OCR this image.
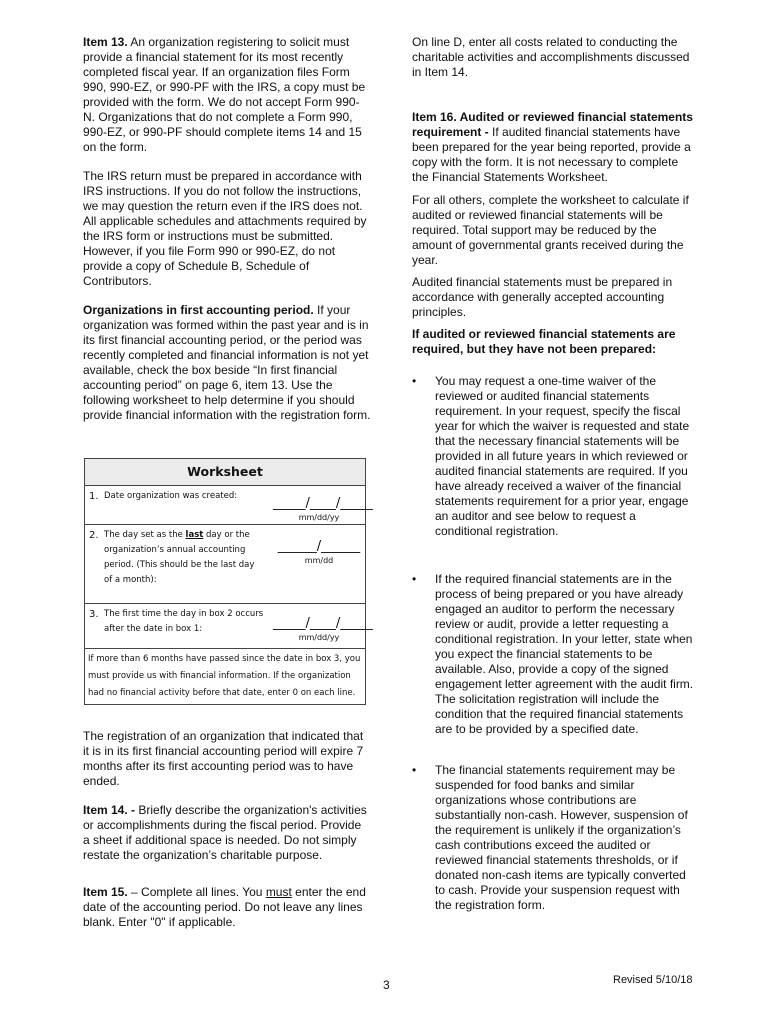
Item 13. An organization registering to solicit must provide a financial statement for its most recently completed fiscal year. If an organization files Form 990, 990-EZ, or 990-PF with the IRS, a copy must be provided with the form. We do not accept Form 990-N. Organizations that do not complete a Form 990, 990-EZ, or 990-PF should complete items 14 and 15 on the form.

The IRS return must be prepared in accordance with IRS instructions. If you do not follow the instructions, we may question the return even if the IRS does not. All applicable schedules and attachments required by the IRS form or instructions must be submitted. However, if you file Form 990 or 990-EZ, do not provide a copy of Schedule B, Schedule of Contributors.

Organizations in first accounting period. If your organization was formed within the past year and is in its first financial accounting period, or the period was recently completed and financial information is not yet available, check the box beside “In first financial accounting period” on page 6, item 13. Use the following worksheet to help determine if you should provide financial information with the registration form.

Worksheet
1. Date organization was created:	_____/____/_____
mm/dd/yy
2. The day set as the last day or the organization’s annual accounting period. (This should be the last day of a month):
______/______
mm/dd
3. The first time the day in box 2 occurs after the date in box 1:	_____/____/_____
mm/dd/yy
If more than 6 months have passed since the date in box 3, you must provide us with financial information. If the organization had no financial activity before that date, enter 0 on each line.

The registration of an organization that indicated that it is in its first financial accounting period will expire 7 months after its first accounting period was to have ended.

Item 14. - Briefly describe the organization's activities or accomplishments during the fiscal period. Provide a sheet if additional space is needed. Do not simply restate the organization’s charitable purpose.

Item 15. – Complete all lines. You must enter the end date of the accounting period. Do not leave any lines blank. Enter "0" if applicable.

On line D, enter all costs related to conducting the charitable activities and accomplishments discussed in Item 14.

Item 16. Audited or reviewed financial statements requirement - If audited financial statements have been prepared for the year being reported, provide a copy with the form. It is not necessary to complete the Financial Statements Worksheet.

For all others, complete the worksheet to calculate if audited or reviewed financial statements will be required. Total support may be reduced by the amount of governmental grants received during the year.

Audited financial statements must be prepared in accordance with generally accepted accounting principles.

If audited or reviewed financial statements are required, but they have not been prepared:

•	You may request a one-time waiver of the reviewed or audited financial statements requirement. In your request, specify the fiscal year for which the waiver is requested and state that the necessary financial statements will be provided in all future years in which reviewed or audited financial statements are required. If you have already received a waiver of the financial statements requirement for a prior year, engage an auditor and see below to request a conditional registration.
•	If the required financial statements are in the process of being prepared or you have already engaged an auditor to perform the necessary review or audit, provide a letter requesting a conditional registration. In your letter, state when you expect the financial statements to be available. Also, provide a copy of the signed engagement letter agreement with the audit firm. The solicitation registration will include the condition that the required financial statements are to be provided by a specified date.
•	The financial statements requirement may be suspended for food banks and similar organizations whose contributions are substantially non-cash. However, suspension of the requirement is unlikely if the organization’s cash contributions exceed the audited or reviewed financial statements thresholds, or if donated non-cash items are typically converted to cash. Provide your suspension request with the registration form.
3	Revised 5/10/18
